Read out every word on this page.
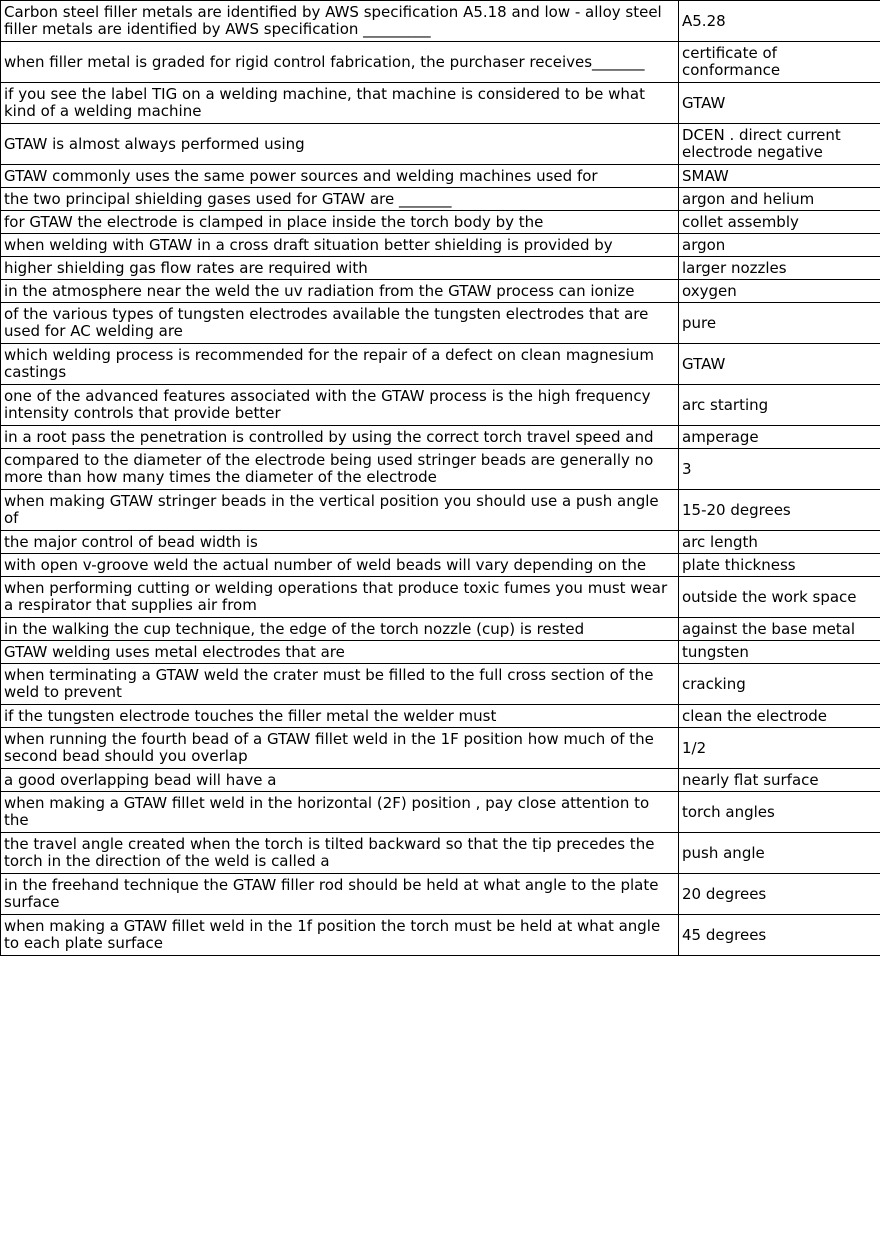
Carbon steel filler metals are identified by AWS specification A5.18 and low - alloy steel filler metals are identified by AWS specification _________	A5.28
when filler metal is graded for rigid control fabrication, the purchaser receives_______	certificate of conformance
if you see the label TIG on a welding machine, that machine is considered to be what kind of a welding machine	GTAW
GTAW is almost always performed using	DCEN . direct current electrode negative
GTAW commonly uses the same power sources and welding machines used for	SMAW
the two principal shielding gases used for GTAW are _______	argon and helium
for GTAW the electrode is clamped in place inside the torch body by the	collet assembly
when welding with GTAW in a cross draft situation better shielding is provided by	argon
higher shielding gas flow rates are required with	larger nozzles
in the atmosphere near the weld the uv radiation from the GTAW process can ionize	oxygen
of the various types of tungsten electrodes available the tungsten electrodes that are used for AC welding are	pure
which welding process is recommended for the repair of a defect on clean magnesium castings	GTAW
one of the advanced features associated with the GTAW process is the high frequency intensity controls that provide better	arc starting
in a root pass the penetration is controlled by using the correct torch travel speed and	amperage
compared to the diameter of the electrode being used stringer beads are generally no more than how many times the diameter of the electrode	3
when making GTAW stringer beads in the vertical position you should use a push angle of	15-20 degrees
the major control of bead width is	arc length
with open v-groove weld the actual number of weld beads will vary depending on the	plate thickness
when performing cutting or welding operations that produce toxic fumes you must wear a respirator that supplies air from	outside the work space
in the walking the cup technique, the edge of the torch nozzle (cup) is rested	against the base metal
GTAW welding uses metal electrodes that are	tungsten
when terminating a GTAW weld the crater must be filled to the full cross section of the weld to prevent	cracking
if the tungsten electrode touches the filler metal the welder must	clean the electrode
when running the fourth bead of a GTAW fillet weld in the 1F position how much of the second bead should you overlap	1/2
a good overlapping bead will have a	nearly flat surface
when making a GTAW fillet weld in the horizontal (2F) position , pay close attention to the	torch angles
the travel angle created when the torch is tilted backward so that the tip precedes the torch in the direction of the weld is called a	push angle
in the freehand technique the GTAW filler rod should be held at what angle to the plate surface	20 degrees
when making a GTAW fillet weld in the 1f position the torch must be held at what angle to each plate surface	45 degrees
